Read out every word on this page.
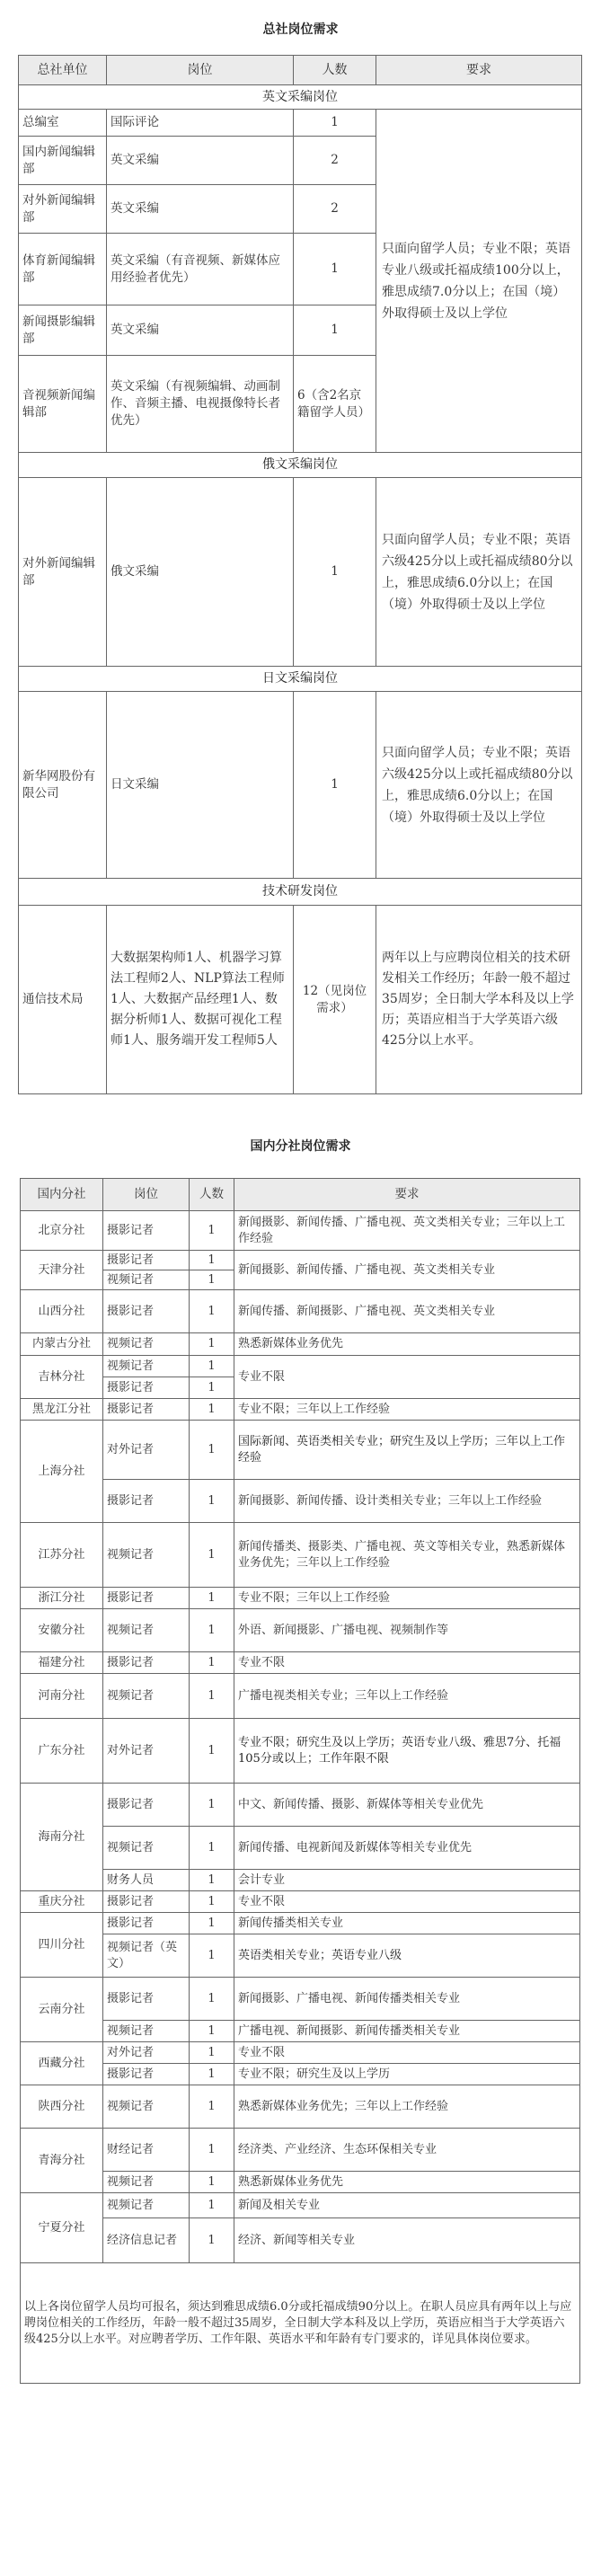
总社岗位需求
总社单位	岗位	人数	要求
英文采编岗位			
总编室	国际评论	1	只面向留学人员；专业不限；英语专业八级或托福成绩100分以上，雅思成绩7.0分以上；在国（境）外取得硕士及以上学位
国内新闻编辑部	英文采编	2	
对外新闻编辑部	英文采编	2	
体育新闻编辑部	英文采编（有音视频、新媒体应用经验者优先）	1	
新闻摄影编辑部	英文采编	1	
音视频新闻编辑部	英文采编（有视频编辑、动画制作、音频主播、电视摄像特长者优先）	6（含2名京籍留学人员）	
俄文采编岗位			
对外新闻编辑部	俄文采编	1	只面向留学人员；专业不限；英语六级425分以上或托福成绩80分以上，雅思成绩6.0分以上；在国（境）外取得硕士及以上学位
日文采编岗位			
新华网股份有限公司	日文采编	1	只面向留学人员；专业不限；英语六级425分以上或托福成绩80分以上，雅思成绩6.0分以上；在国（境）外取得硕士及以上学位
技术研发岗位			
通信技术局	大数据架构师1人、机器学习算法工程师2人、NLP算法工程师1人、大数据产品经理1人、数据分析师1人、数据可视化工程师1人、服务端开发工程师5人	12（见岗位需求）	两年以上与应聘岗位相关的技术研发相关工作经历；年龄一般不超过35周岁；全日制大学本科及以上学历；英语应相当于大学英语六级425分以上水平。
国内分社岗位需求
国内分社	岗位	人数	要求
北京分社	摄影记者	1	新闻摄影、新闻传播、广播电视、英文类相关专业；三年以上工作经验
天津分社	摄影记者	1	新闻摄影、新闻传播、广播电视、英文类相关专业
	视频记者	1	
山西分社	摄影记者	1	新闻传播、新闻摄影、广播电视、英文类相关专业
内蒙古分社	视频记者	1	熟悉新媒体业务优先
吉林分社	视频记者	1	专业不限
	摄影记者	1	
黑龙江分社	摄影记者	1	专业不限；三年以上工作经验
上海分社	对外记者	1	国际新闻、英语类相关专业；研究生及以上学历；三年以上工作经验
	摄影记者	1	新闻摄影、新闻传播、设计类相关专业；三年以上工作经验
江苏分社	视频记者	1	新闻传播类、摄影类、广播电视、英文等相关专业，熟悉新媒体业务优先；三年以上工作经验
浙江分社	摄影记者	1	专业不限；三年以上工作经验
安徽分社	视频记者	1	外语、新闻摄影、广播电视、视频制作等
福建分社	摄影记者	1	专业不限
河南分社	视频记者	1	广播电视类相关专业；三年以上工作经验
广东分社	对外记者	1	专业不限；研究生及以上学历；英语专业八级、雅思7分、托福105分或以上；工作年限不限
海南分社	摄影记者	1	中文、新闻传播、摄影、新媒体等相关专业优先
	视频记者	1	新闻传播、电视新闻及新媒体等相关专业优先
	财务人员	1	会计专业
重庆分社	摄影记者	1	专业不限
四川分社	摄影记者	1	新闻传播类相关专业
	视频记者（英文）	1	英语类相关专业；英语专业八级
云南分社	摄影记者	1	新闻摄影、广播电视、新闻传播类相关专业
	视频记者	1	广播电视、新闻摄影、新闻传播类相关专业
西藏分社	对外记者	1	专业不限
	摄影记者	1	专业不限；研究生及以上学历
陕西分社	视频记者	1	熟悉新媒体业务优先；三年以上工作经验
青海分社	财经记者	1	经济类、产业经济、生态环保相关专业
	视频记者	1	熟悉新媒体业务优先
宁夏分社	视频记者	1	新闻及相关专业
	经济信息记者	1	经济、新闻等相关专业
以上各岗位留学人员均可报名，须达到雅思成绩6.0分或托福成绩90分以上。在职人员应具有两年以上与应聘岗位相关的工作经历，年龄一般不超过35周岁，全日制大学本科及以上学历，英语应相当于大学英语六级425分以上水平。对应聘者学历、工作年限、英语水平和年龄有专门要求的，详见具体岗位要求。			
